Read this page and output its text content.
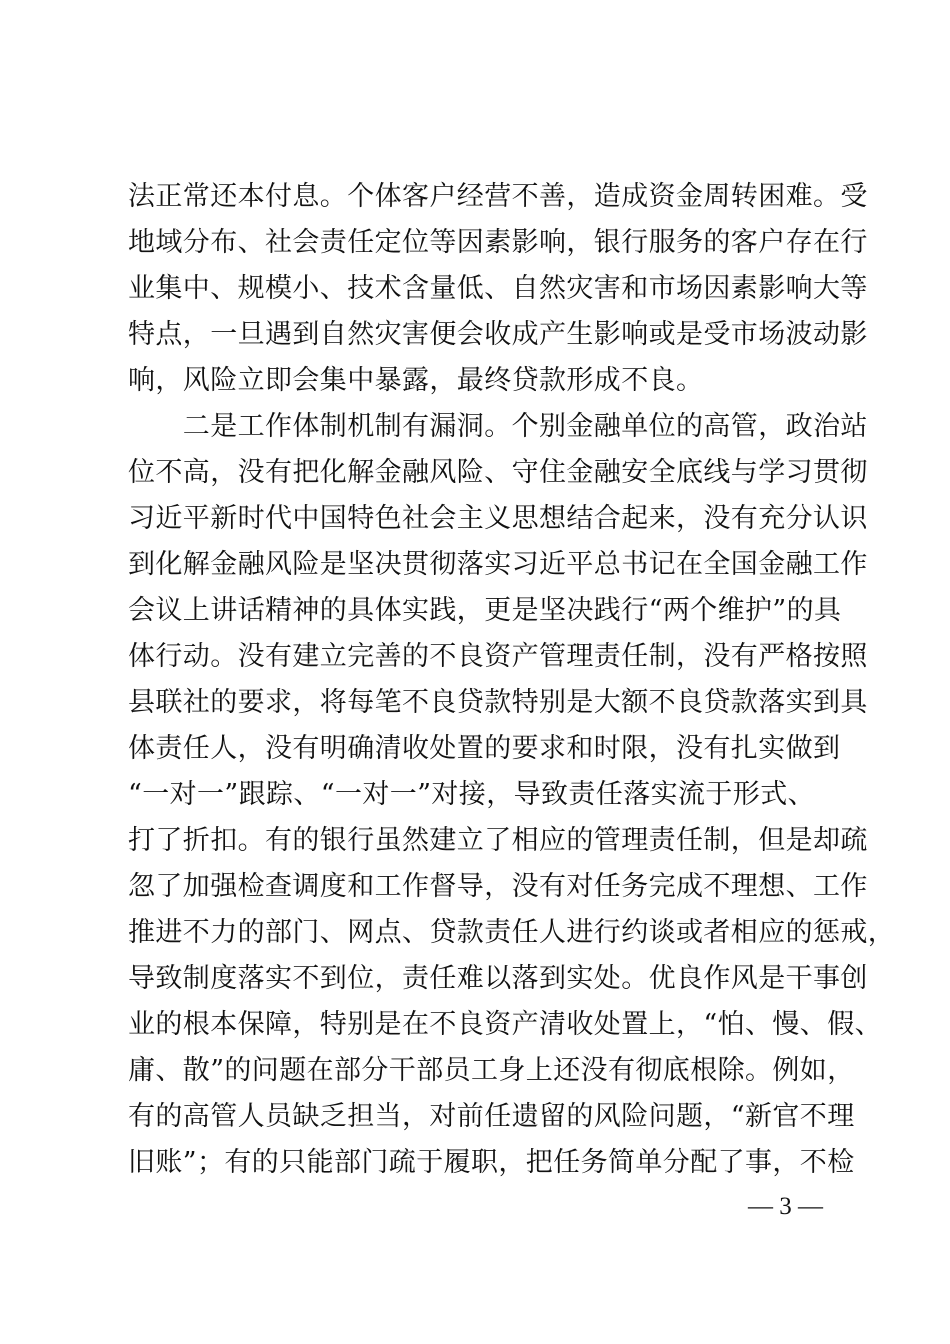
法正常还本付息。个体客户经营不善，造成资金周转困难。受
地域分布、社会责任定位等因素影响，银行服务的客户存在行
业集中、规模小、技术含量低、自然灾害和市场因素影响大等
特点，一旦遇到自然灾害便会收成产生影响或是受市场波动影
响，风险立即会集中暴露，最终贷款形成不良。
　　二是工作体制机制有漏洞。个别金融单位的高管，政治站
位不高，没有把化解金融风险、守住金融安全底线与学习贯彻
习近平新时代中国特色社会主义思想结合起来，没有充分认识
到化解金融风险是坚决贯彻落实习近平总书记在全国金融工作
会议上讲话精神的具体实践，更是坚决践行“两个维护”的具
体行动。没有建立完善的不良资产管理责任制，没有严格按照
县联社的要求，将每笔不良贷款特别是大额不良贷款落实到具
体责任人，没有明确清收处置的要求和时限，没有扎实做到
“一对一”跟踪、“一对一”对接，导致责任落实流于形式、
打了折扣。有的银行虽然建立了相应的管理责任制，但是却疏
忽了加强检查调度和工作督导，没有对任务完成不理想、工作
推进不力的部门、网点、贷款责任人进行约谈或者相应的惩戒，
导致制度落实不到位，责任难以落到实处。优良作风是干事创
业的根本保障，特别是在不良资产清收处置上，“怕、慢、假、
庸、散”的问题在部分干部员工身上还没有彻底根除。例如，
有的高管人员缺乏担当，对前任遗留的风险问题，“新官不理
旧账”；有的只能部门疏于履职，把任务简单分配了事，不检
— 3 —
